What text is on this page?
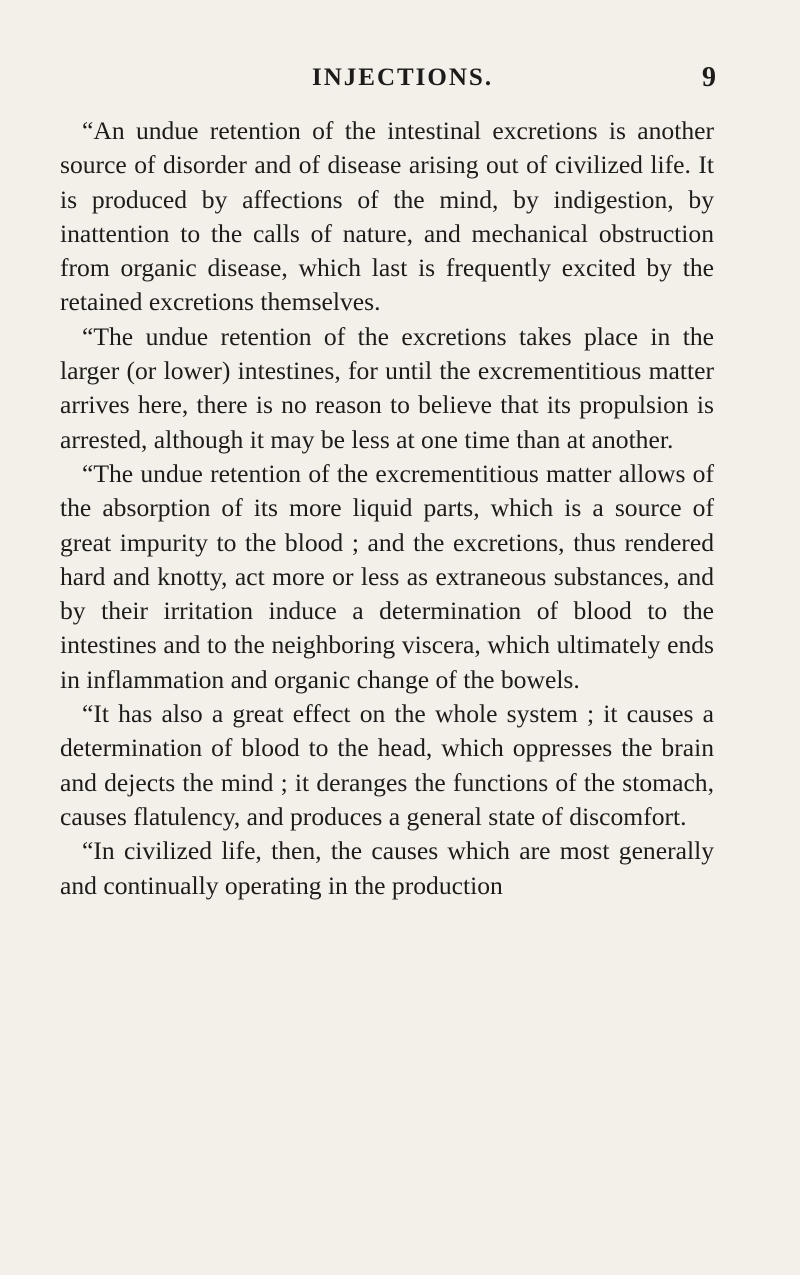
INJECTIONS.	9

“An undue retention of the intestinal excretions is another source of disorder and of disease arising out of civilized life. It is produced by affections of the mind, by indigestion, by inattention to the calls of nature, and mechanical obstruction from organic disease, which last is frequently excited by the retained excretions themselves.

“The undue retention of the excretions takes place in the larger (or lower) intestines, for until the excrementitious matter arrives here, there is no reason to believe that its propulsion is arrested, although it may be less at one time than at another.

“The undue retention of the excrementitious matter allows of the absorption of its more liquid parts, which is a source of great impurity to the blood ; and the excretions, thus rendered hard and knotty, act more or less as extraneous substances, and by their irritation induce a determination of blood to the intestines and to the neighboring viscera, which ultimately ends in inflammation and organic change of the bowels.

“It has also a great effect on the whole system ; it causes a determination of blood to the head, which oppresses the brain and dejects the mind ; it deranges the functions of the stomach, causes flatulency, and produces a general state of discomfort.

“In civilized life, then, the causes which are most generally and continually operating in the production
